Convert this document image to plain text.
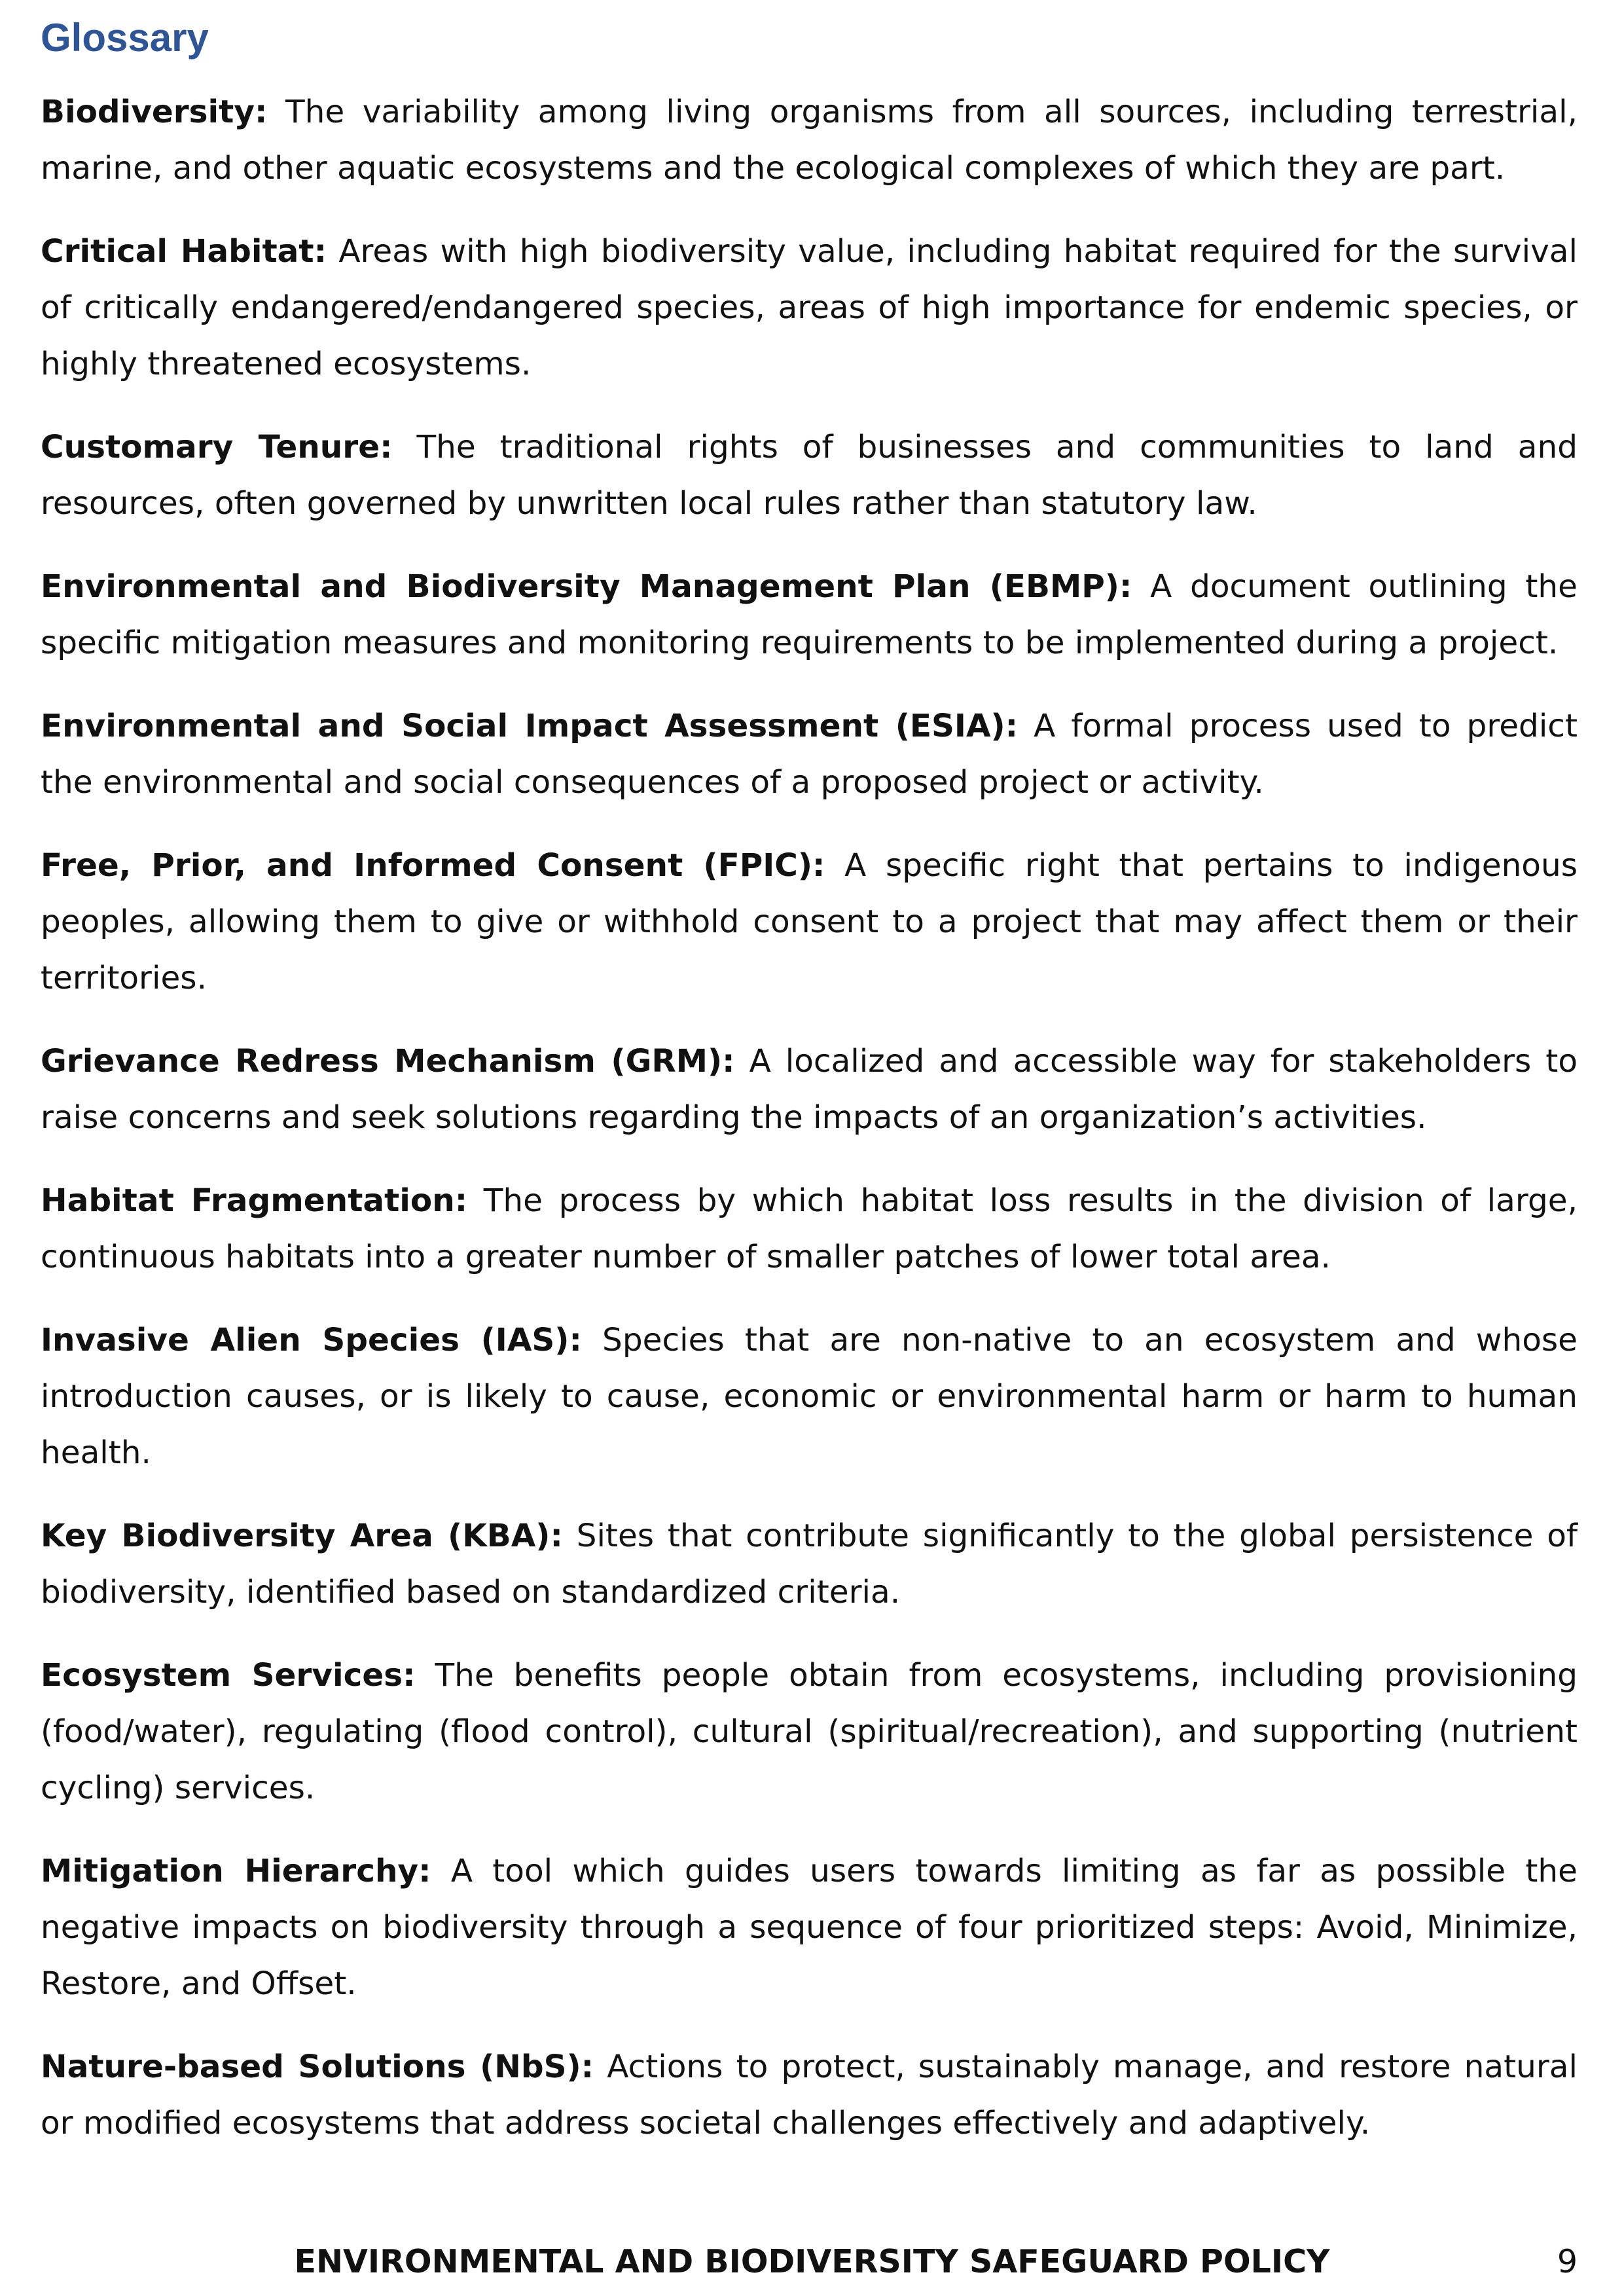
Glossary

Biodiversity: The variability among living organisms from all sources, including terrestrial, marine, and other aquatic ecosystems and the ecological complexes of which they are part.

Critical Habitat: Areas with high biodiversity value, including habitat required for the survival of critically endangered/endangered species, areas of high importance for endemic species, or highly threatened ecosystems.

Customary Tenure: The traditional rights of businesses and communities to land and resources, often governed by unwritten local rules rather than statutory law.

Environmental and Biodiversity Management Plan (EBMP): A document outlining the specific mitigation measures and monitoring requirements to be implemented during a project.

Environmental and Social Impact Assessment (ESIA): A formal process used to predict the environmental and social consequences of a proposed project or activity.

Free, Prior, and Informed Consent (FPIC): A specific right that pertains to indigenous peoples, allowing them to give or withhold consent to a project that may affect them or their territories.

Grievance Redress Mechanism (GRM): A localized and accessible way for stakeholders to raise concerns and seek solutions regarding the impacts of an organization’s activities.

Habitat Fragmentation: The process by which habitat loss results in the division of large, continuous habitats into a greater number of smaller patches of lower total area.

Invasive Alien Species (IAS): Species that are non-native to an ecosystem and whose introduction causes, or is likely to cause, economic or environmental harm or harm to human health.

Key Biodiversity Area (KBA): Sites that contribute significantly to the global persistence of biodiversity, identified based on standardized criteria.

Ecosystem Services: The benefits people obtain from ecosystems, including provisioning (food/water), regulating (flood control), cultural (spiritual/recreation), and supporting (nutrient cycling) services.

Mitigation Hierarchy: A tool which guides users towards limiting as far as possible the negative impacts on biodiversity through a sequence of four prioritized steps: Avoid, Minimize, Restore, and Offset.

Nature-based Solutions (NbS): Actions to protect, sustainably manage, and restore natural or modified ecosystems that address societal challenges effectively and adaptively.

ENVIRONMENTAL AND BIODIVERSITY SAFEGUARD POLICY	9
